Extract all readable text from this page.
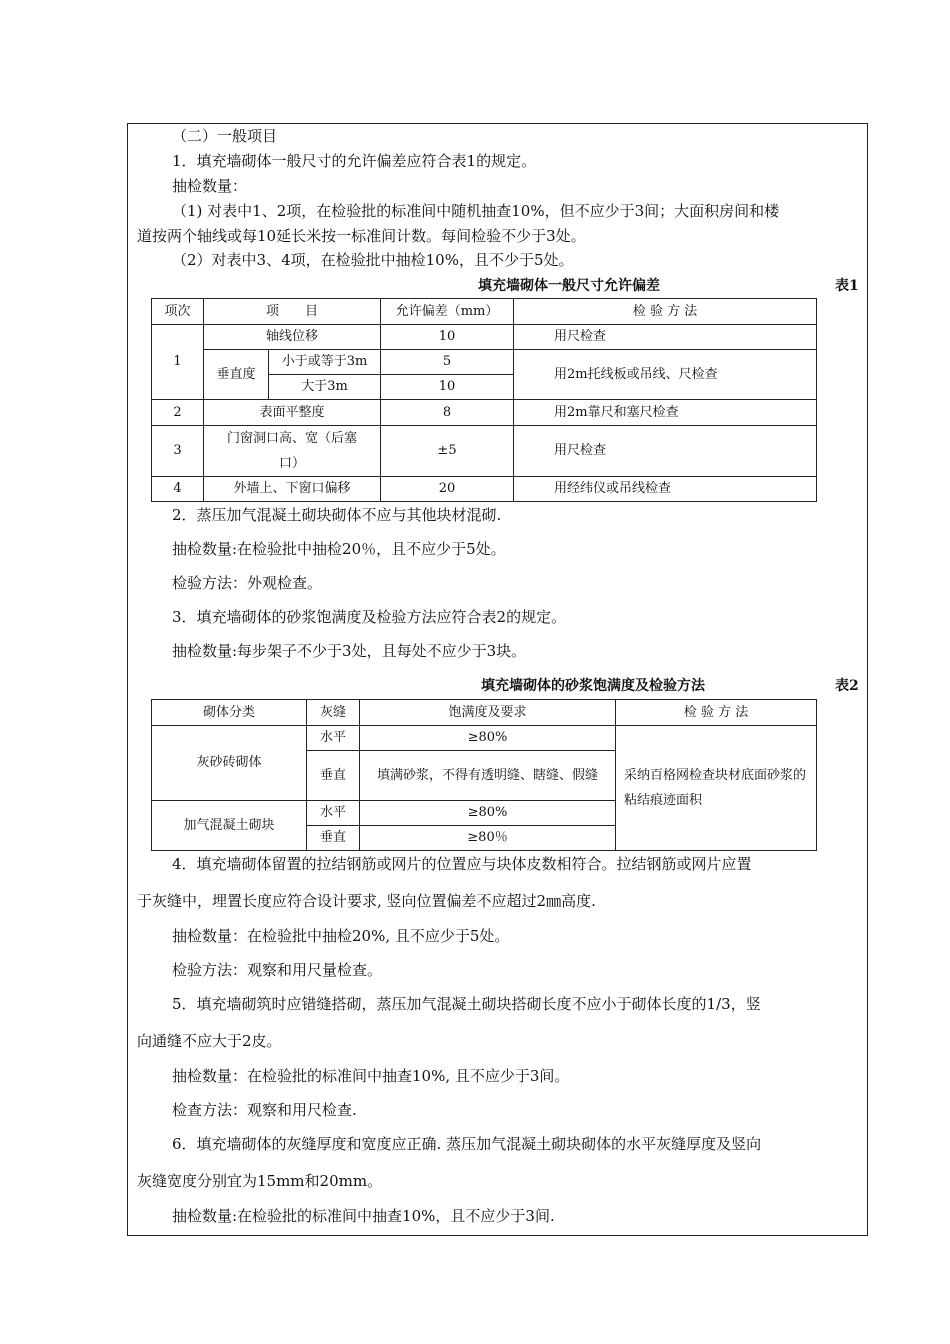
（二）一般项目
1．填充墙砌体一般尺寸的允许偏差应符合表1的规定。
抽检数量：
（1) 对表中1、2项，在检验批的标准间中随机抽查10%，但不应少于3间；大面积房间和楼
道按两个轴线或每10延长米按一标准间计数。每间检验不少于3处。
（2）对表中3、4项，在检验批中抽检10%，且不少于5处。
填充墙砌体一般尺寸允许偏差	表1
项次	项　　目		允许偏差（mm）	检 验 方 法
1	轴线位移		10	用尺检查
	垂直度	小于或等于3m	5	用2m托线板或吊线、尺检查
		大于3m	10	
2	表面平整度		8	用2m靠尺和塞尺检查
3	门窗洞口高、宽（后塞口）		±5	用尺检查
4	外墙上、下窗口偏移		20	用经纬仪或吊线检查
2．蒸压加气混凝土砌块砌体不应与其他块材混砌.
抽检数量:在检验批中抽检20％，且不应少于5处。
检验方法：外观检查。
3．填充墙砌体的砂浆饱满度及检验方法应符合表2的规定。
抽检数量:每步架子不少于3处，且每处不应少于3块。
填充墙砌体的砂浆饱满度及检验方法	表2
砌体分类	灰缝	饱满度及要求	检 验 方 法
灰砂砖砌体	水平	≥80%	采纳百格网检查块材底面砂浆的粘结痕迹面积
	垂直	填满砂浆，不得有透明缝、瞎缝、假缝	
加气混凝土砌块	水平	≥80%	
	垂直	≥80％	
4．填充墙砌体留置的拉结钢筋或网片的位置应与块体皮数相符合。拉结钢筋或网片应置
于灰缝中，埋置长度应符合设计要求, 竖向位置偏差不应超过2㎜高度.
抽检数量：在检验批中抽检20%, 且不应少于5处。
检验方法：观察和用尺量检查。
5．填充墙砌筑时应错缝搭砌，蒸压加气混凝土砌块搭砌长度不应小于砌体长度的1/3，竖
向通缝不应大于2皮。
抽检数量：在检验批的标准间中抽查10%, 且不应少于3间。
检查方法：观察和用尺检查.
6．填充墙砌体的灰缝厚度和宽度应正确. 蒸压加气混凝土砌块砌体的水平灰缝厚度及竖向
灰缝宽度分别宜为15mm和20mm。
抽检数量:在检验批的标准间中抽查10%，且不应少于3间.
